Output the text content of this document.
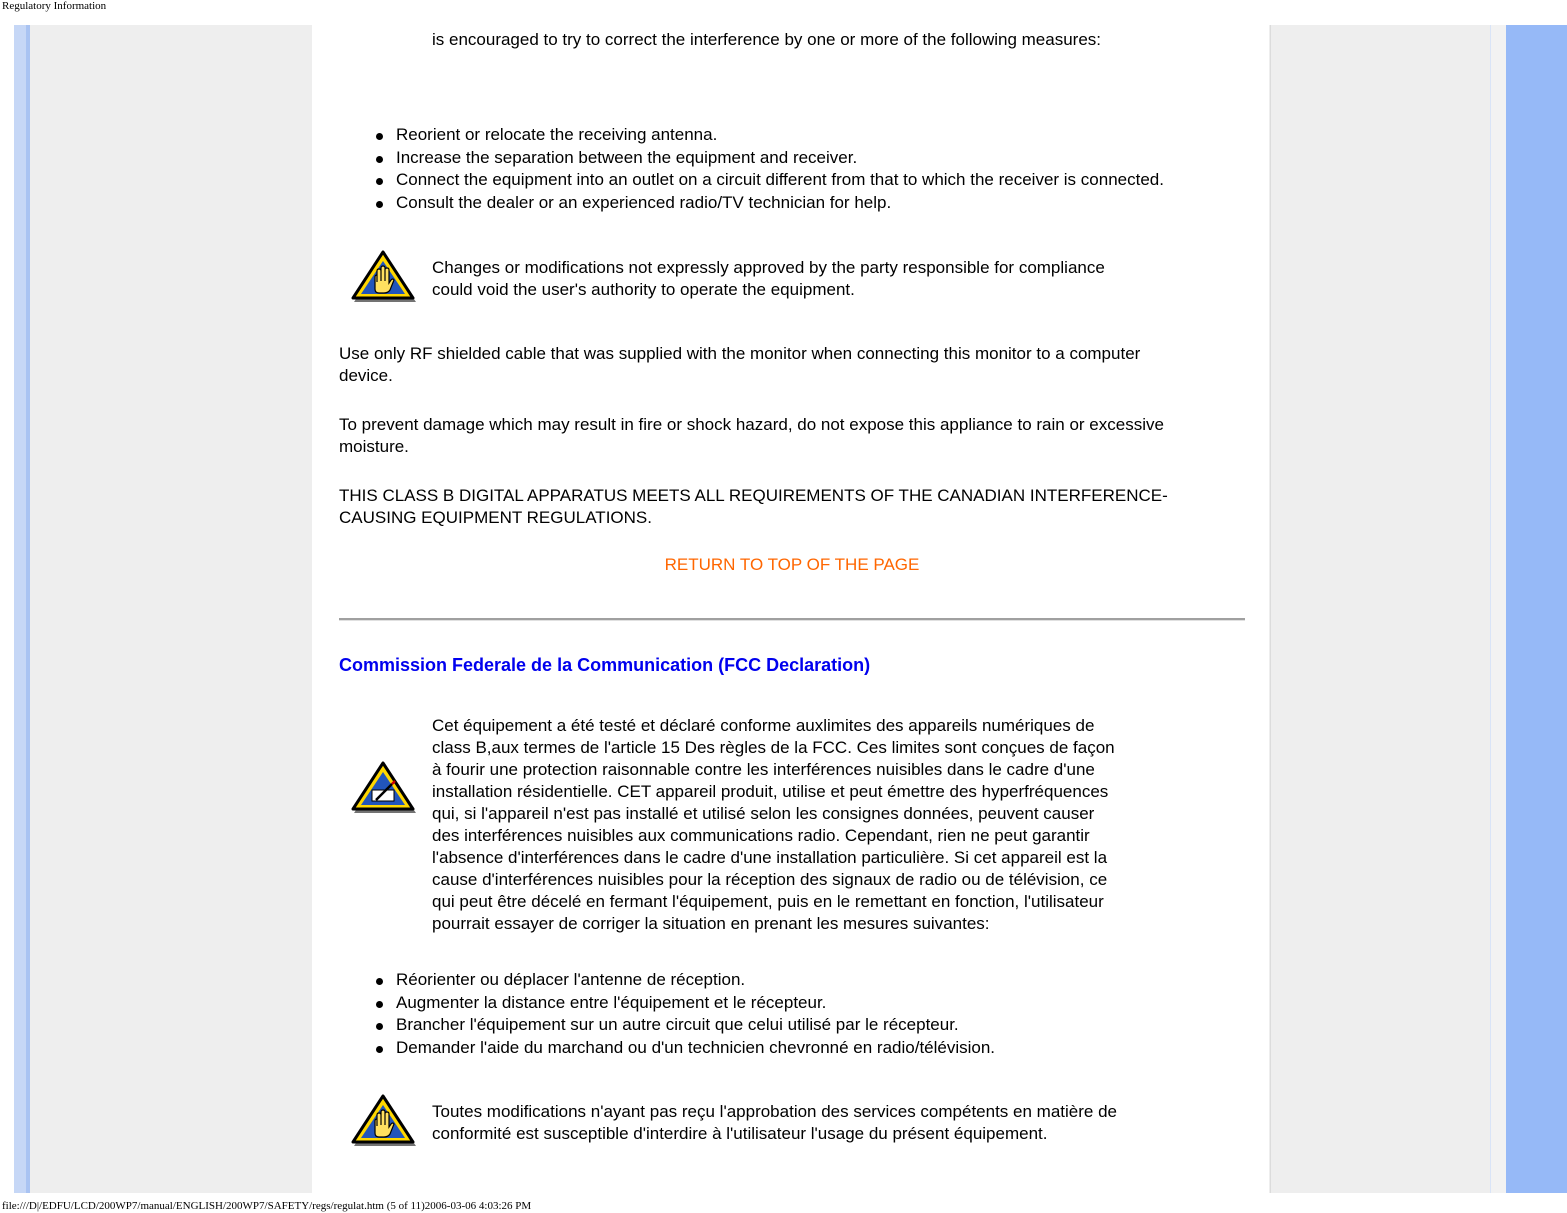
Regulatory Information
is encouraged to try to correct the interference by one or more of the following measures:
Reorient or relocate the receiving antenna.
Increase the separation between the equipment and receiver.
Connect the equipment into an outlet on a circuit different from that to which the receiver is connected.
Consult the dealer or an experienced radio/TV technician for help.
Changes or modifications not expressly approved by the party responsible for compliance
could void the user's authority to operate the equipment.
Use only RF shielded cable that was supplied with the monitor when connecting this monitor to a computer
device.
To prevent damage which may result in fire or shock hazard, do not expose this appliance to rain or excessive
moisture.
THIS CLASS B DIGITAL APPARATUS MEETS ALL REQUIREMENTS OF THE CANADIAN INTERFERENCE-
CAUSING EQUIPMENT REGULATIONS.
RETURN TO TOP OF THE PAGE
Commission Federale de la Communication (FCC Declaration)
Cet équipement a été testé et déclaré conforme auxlimites des appareils numériques de
class B,aux termes de l'article 15 Des règles de la FCC. Ces limites sont conçues de façon
à fourir une protection raisonnable contre les interférences nuisibles dans le cadre d'une
installation résidentielle. CET appareil produit, utilise et peut émettre des hyperfréquences
qui, si l'appareil n'est pas installé et utilisé selon les consignes données, peuvent causer
des interférences nuisibles aux communications radio. Cependant, rien ne peut garantir
l'absence d'interférences dans le cadre d'une installation particulière. Si cet appareil est la
cause d'interférences nuisibles pour la réception des signaux de radio ou de télévision, ce
qui peut être décelé en fermant l'équipement, puis en le remettant en fonction, l'utilisateur
pourrait essayer de corriger la situation en prenant les mesures suivantes:
Réorienter ou déplacer l'antenne de réception.
Augmenter la distance entre l'équipement et le récepteur.
Brancher l'équipement sur un autre circuit que celui utilisé par le récepteur.
Demander l'aide du marchand ou d'un technicien chevronné en radio/télévision.
Toutes modifications n'ayant pas reçu l'approbation des services compétents en matière de
conformité est susceptible d'interdire à l'utilisateur l'usage du présent équipement.
file:///D|/EDFU/LCD/200WP7/manual/ENGLISH/200WP7/SAFETY/regs/regulat.htm (5 of 11)2006-03-06 4:03:26 PM
